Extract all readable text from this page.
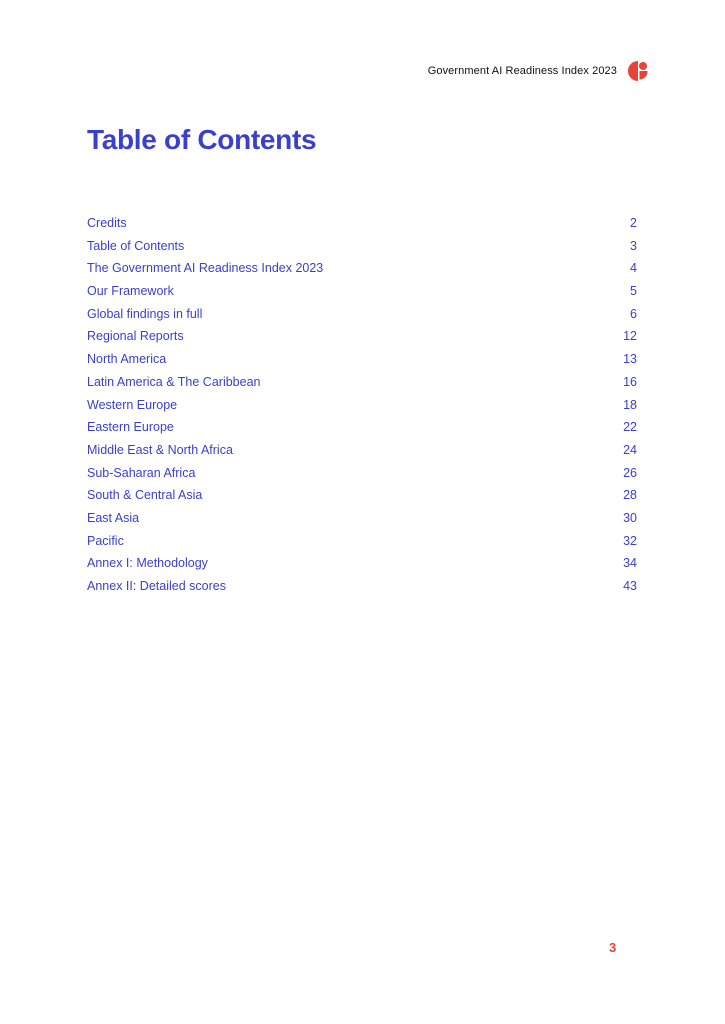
Government AI Readiness Index 2023
Table of Contents
Credits	2
Table of Contents	3
The Government AI Readiness Index 2023	4
Our Framework	5
Global findings in full	6
Regional Reports	12
North America	13
Latin America & The Caribbean	16
Western Europe	18
Eastern Europe	22
Middle East & North Africa	24
Sub-Saharan Africa	26
South & Central Asia	28
East Asia	30
Pacific	32
Annex I: Methodology	34
Annex II: Detailed scores	43
3
